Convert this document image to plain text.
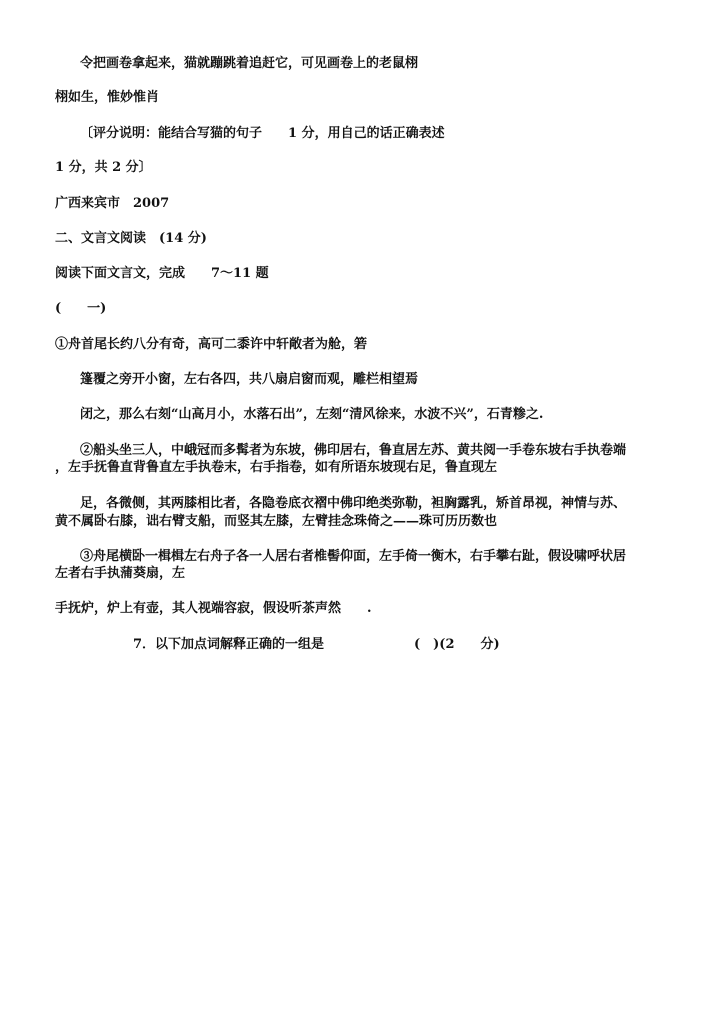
令把画卷拿起来，猫就蹦跳着追赶它，可见画卷上的老鼠栩
栩如生，惟妙惟肖
〔评分说明：能结合写猫的句子　　1 分，用自己的话正确表述
1 分，共 2 分〕
广西来宾市　2007
二、文言文阅读　(14 分)
阅读下面文言文，完成　　7～11 题
(　　一)
①舟首尾长约八分有奇，高可二黍许中轩敞者为舱，箬
篷覆之旁开小窗，左右各四，共八扇启窗而观，雕栏相望焉
闭之，那么右刻“山高月小，水落石出”，左刻“清风徐来，水波不兴”，石青糁之.
②船头坐三人，中峨冠而多髯者为东坡，佛印居右，鲁直居左苏、黄共阅一手卷东坡右手执卷端
，左手抚鲁直背鲁直左手执卷末，右手指卷，如有所语东坡现右足，鲁直现左
足，各微侧，其两膝相比者，各隐卷底衣褶中佛印绝类弥勒，袒胸露乳，矫首昂视，神情与苏、
黄不属卧右膝，诎右臂支船，而竖其左膝，左臂挂念珠倚之——珠可历历数也
③舟尾横卧一楫楫左右舟子各一人居右者椎髻仰面，左手倚一衡木，右手攀右趾，假设啸呼状居
左者右手执蒲葵扇，左
手抚炉，炉上有壶，其人视端容寂，假设听茶声然　　.
7．以下加点词解释正确的一组是	(　)(2　　分)
